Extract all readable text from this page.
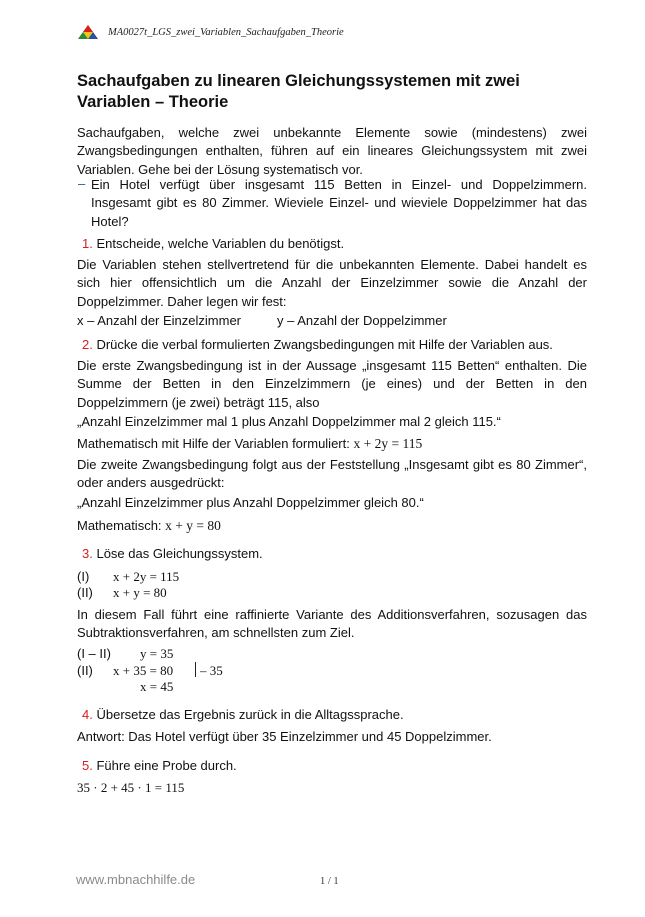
MA0027t_LGS_zwei_Variablen_Sachaufgaben_Theorie
Sachaufgaben zu linearen Gleichungssystemen mit zwei Variablen – Theorie

Sachaufgaben, welche zwei unbekannte Elemente sowie (mindestens) zwei Zwangsbedingungen enthalten, führen auf ein lineares Gleichungssystem mit zwei Variablen. Gehe bei der Lösung systematisch vor.

– Ein Hotel verfügt über insgesamt 115 Betten in Einzel- und Doppelzimmern. Insgesamt gibt es 80 Zimmer. Wieviele Einzel- und wieviele Doppelzimmer hat das Hotel?

1. Entscheide, welche Variablen du benötigst.

Die Variablen stehen stellvertretend für die unbekannten Elemente. Dabei handelt es sich hier offensichtlich um die Anzahl der Einzelzimmer sowie die Anzahl der Doppelzimmer. Daher legen wir fest:

x – Anzahl der Einzelzimmer	y – Anzahl der Doppelzimmer
2. Drücke die verbal formulierten Zwangsbedingungen mit Hilfe der Variablen aus.

Die erste Zwangsbedingung ist in der Aussage „insgesamt 115 Betten“ enthalten. Die Summe der Betten in den Einzelzimmern (je eines) und der Betten in den Doppelzimmern (je zwei) beträgt 115, also

„Anzahl Einzelzimmer mal 1 plus Anzahl Doppelzimmer mal 2 gleich 115.“
Mathematisch mit Hilfe der Variablen formuliert: x + 2y = 115

Die zweite Zwangsbedingung folgt aus der Feststellung „Insgesamt gibt es 80 Zimmer“, oder anders ausgedrückt:

„Anzahl Einzelzimmer plus Anzahl Doppelzimmer gleich 80.“
Mathematisch: x + y = 80
3. Löse das Gleichungssystem.
(I) x + 2y = 115
(II) x + y = 80

In diesem Fall führt eine raffinierte Variante des Additionsverfahren, sozusagen das Subtraktionsverfahren, am schnellsten zum Ziel.

(I – II) y = 35
(II) x + 35 = 80 – 35
x = 45
4. Übersetze das Ergebnis zurück in die Alltagssprache.
Antwort: Das Hotel verfügt über 35 Einzelzimmer und 45 Doppelzimmer.
5. Führe eine Probe durch.
35 · 2 + 45 · 1 = 115
www.mbnachhilfe.de	1 / 1
